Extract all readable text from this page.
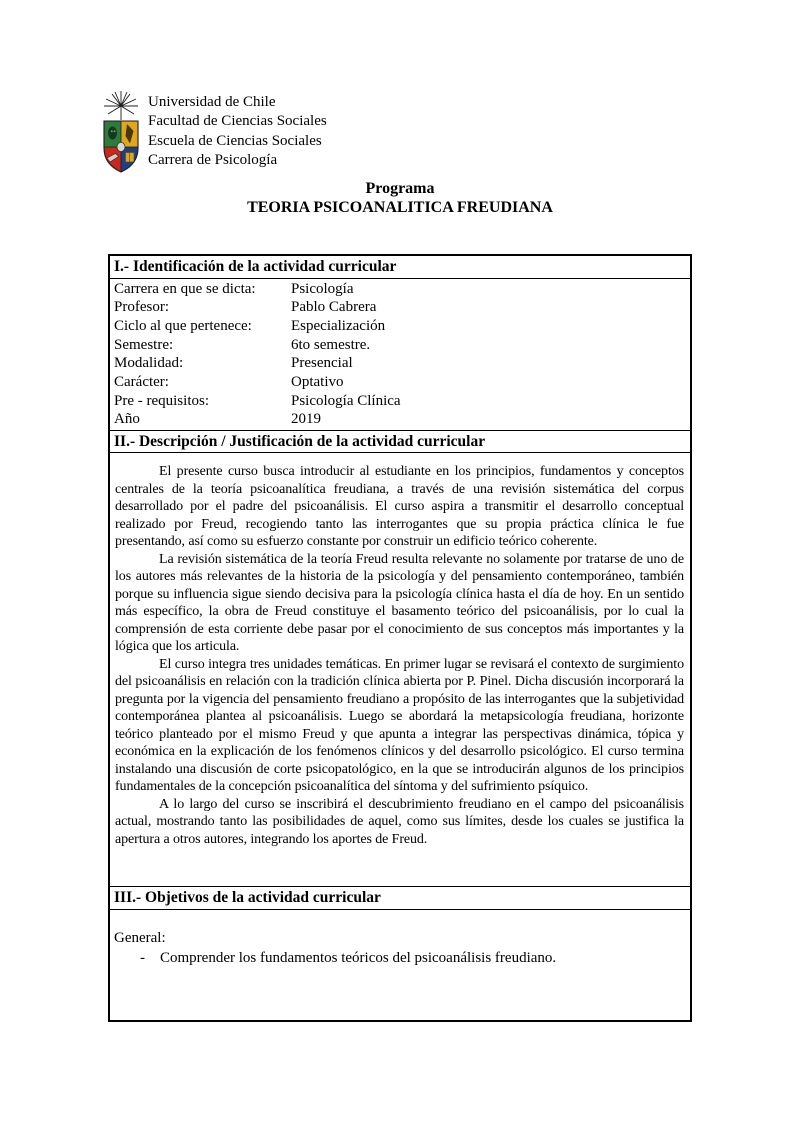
Universidad de Chile
Facultad de Ciencias Sociales
Escuela de Ciencias Sociales
Carrera de Psicología
Programa
TEORIA PSICOANALITICA FREUDIANA
I.- Identificación de la actividad curricular
Carrera en que se dicta:	Psicología
Profesor:	Pablo Cabrera
Ciclo al que pertenece:	Especialización
Semestre:	6to semestre.
Modalidad:	Presencial
Carácter:	Optativo
Pre - requisitos:	Psicología Clínica
Año	2019
II.- Descripción / Justificación de la actividad curricular

El presente curso busca introducir al estudiante en los principios, fundamentos y conceptos centrales de la teoría psicoanalítica freudiana, a través de una revisión sistemática del corpus desarrollado por el padre del psicoanálisis. El curso aspira a transmitir el desarrollo conceptual realizado por Freud, recogiendo tanto las interrogantes que su propia práctica clínica le fue presentando, así como su esfuerzo constante por construir un edificio teórico coherente.

La revisión sistemática de la teoría Freud resulta relevante no solamente por tratarse de uno de los autores más relevantes de la historia de la psicología y del pensamiento contemporáneo, también porque su influencia sigue siendo decisiva para la psicología clínica hasta el día de hoy. En un sentido más específico, la obra de Freud constituye el basamento teórico del psicoanálisis, por lo cual la comprensión de esta corriente debe pasar por el conocimiento de sus conceptos más importantes y la lógica que los articula.

El curso integra tres unidades temáticas. En primer lugar se revisará el contexto de surgimiento del psicoanálisis en relación con la tradición clínica abierta por P. Pinel. Dicha discusión incorporará la pregunta por la vigencia del pensamiento freudiano a propósito de las interrogantes que la subjetividad contemporánea plantea al psicoanálisis. Luego se abordará la metapsicología freudiana, horizonte teórico planteado por el mismo Freud y que apunta a integrar las perspectivas dinámica, tópica y económica en la explicación de los fenómenos clínicos y del desarrollo psicológico. El curso termina instalando una discusión de corte psicopatológico, en la que se introducirán algunos de los principios fundamentales de la concepción psicoanalítica del síntoma y del sufrimiento psíquico.

A lo largo del curso se inscribirá el descubrimiento freudiano en el campo del psicoanálisis actual, mostrando tanto las posibilidades de aquel, como sus límites, desde los cuales se justifica la apertura a otros autores, integrando los aportes de Freud.

III.- Objetivos de la actividad curricular
General:
-	Comprender los fundamentos teóricos del psicoanálisis freudiano.
